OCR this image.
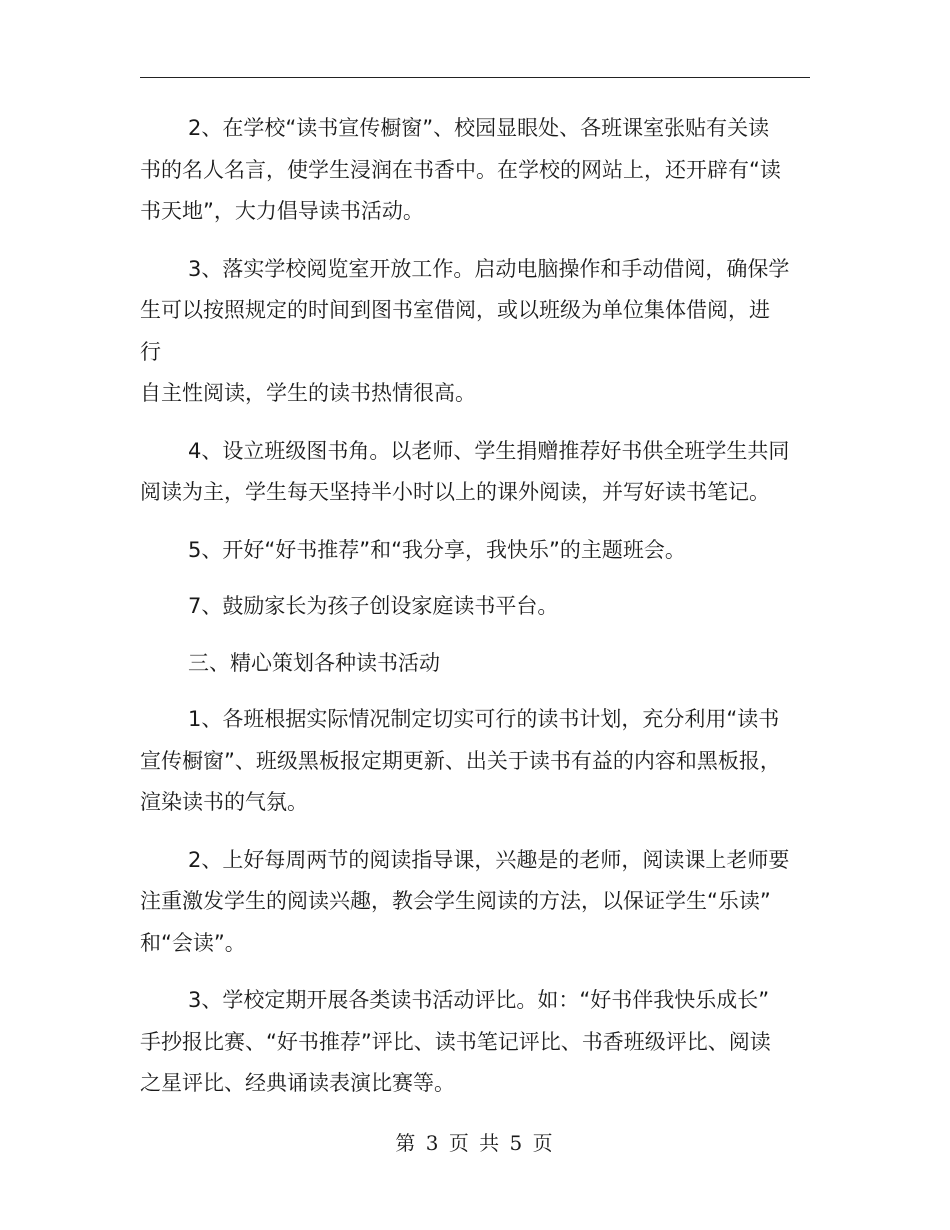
2、在学校“读书宣传橱窗”、校园显眼处、各班课室张贴有关读
书的名人名言，使学生浸润在书香中。在学校的网站上，还开辟有“读
书天地”，大力倡导读书活动。

3、落实学校阅览室开放工作。启动电脑操作和手动借阅，确保学
生可以按照规定的时间到图书室借阅，或以班级为单位集体借阅，进行
自主性阅读，学生的读书热情很高。

4、设立班级图书角。以老师、学生捐赠推荐好书供全班学生共同
阅读为主，学生每天坚持半小时以上的课外阅读，并写好读书笔记。

5、开好“好书推荐”和“我分享，我快乐”的主题班会。

7、鼓励家长为孩子创设家庭读书平台。

三、精心策划各种读书活动

1、各班根据实际情况制定切实可行的读书计划，充分利用“读书
宣传橱窗”、班级黑板报定期更新、出关于读书有益的内容和黑板报，
渲染读书的气氛。

2、上好每周两节的阅读指导课，兴趣是的老师，阅读课上老师要
注重激发学生的阅读兴趣，教会学生阅读的方法，以保证学生“乐读”
和“会读”。

3、学校定期开展各类读书活动评比。如：“好书伴我快乐成长”
手抄报比赛、“好书推荐”评比、读书笔记评比、书香班级评比、阅读
之星评比、经典诵读表演比赛等。

第 3 页 共 5 页
